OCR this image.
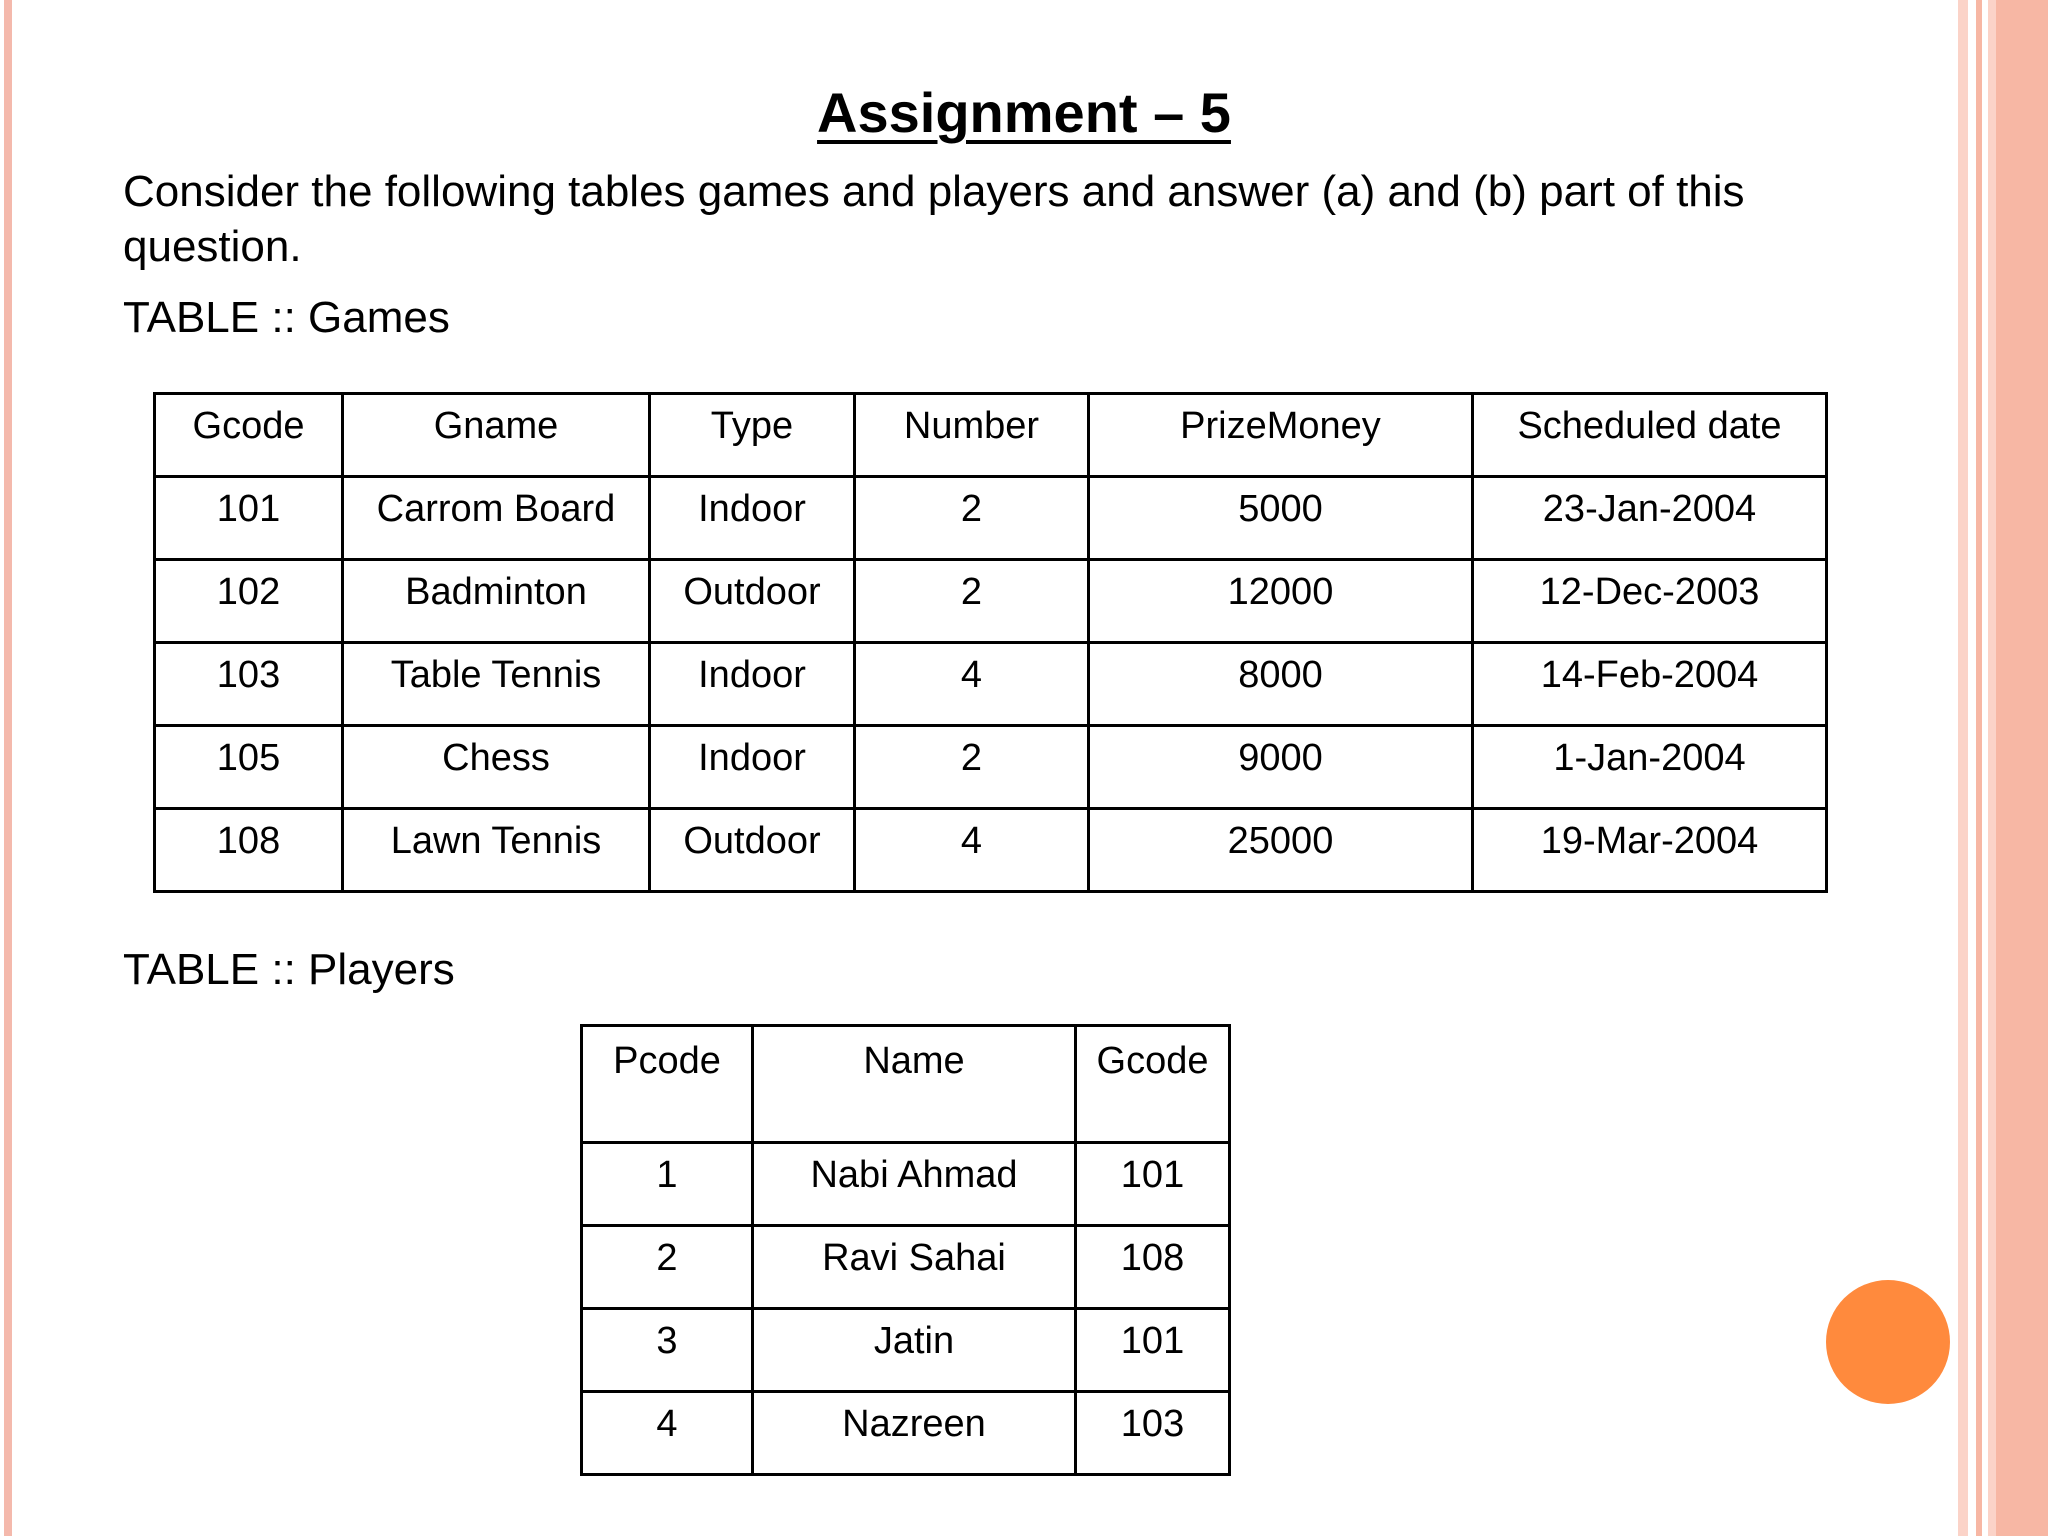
Assignment – 5
Consider the following tables games and players and answer (a) and (b) part of this question.
TABLE :: Games
Gcode	Gname	Type	Number	PrizeMoney	Scheduled date
101	Carrom Board	Indoor	2	5000	23-Jan-2004
102	Badminton	Outdoor	2	12000	12-Dec-2003
103	Table Tennis	Indoor	4	8000	14-Feb-2004
105	Chess	Indoor	2	9000	1-Jan-2004
108	Lawn Tennis	Outdoor	4	25000	19-Mar-2004
TABLE :: Players
Pcode	Name	Gcode
1	Nabi Ahmad	101
2	Ravi Sahai	108
3	Jatin	101
4	Nazreen	103
